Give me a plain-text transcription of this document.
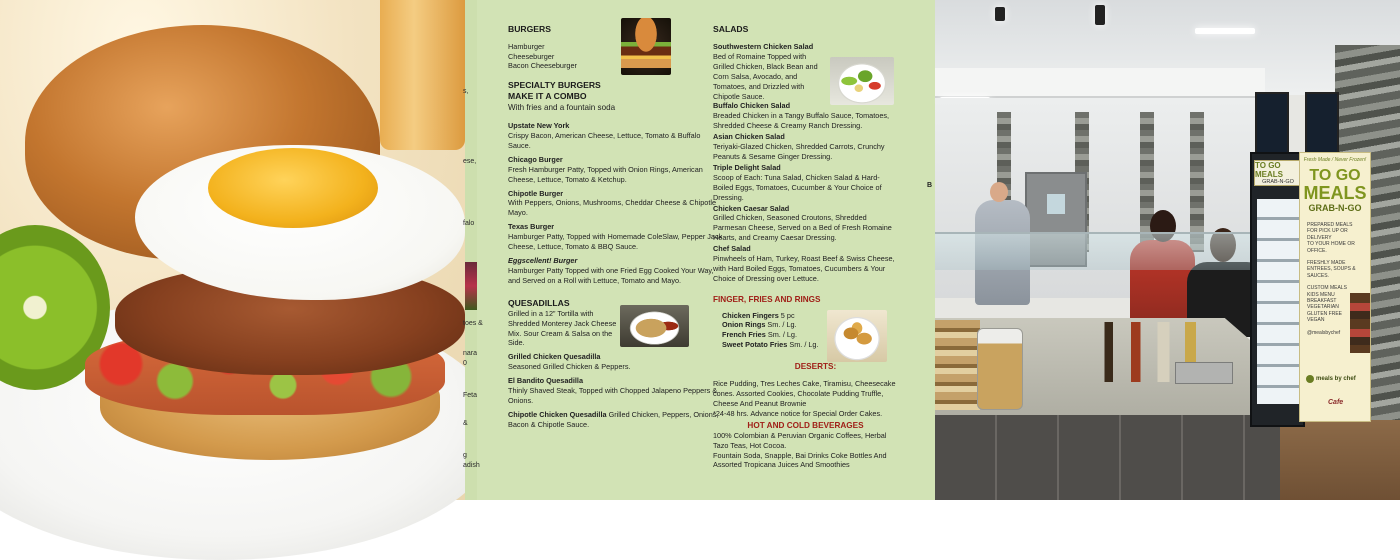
s,
ese,
falo
toes &
nara
0
Feta
&
g
adish
BURGERS
Hamburger
Cheeseburger
Bacon Cheeseburger
SPECIALTY BURGERS
MAKE IT A COMBO
With fries and a fountain soda
Upstate New York
Crispy Bacon, American Cheese, Lettuce, Tomato & Buffalo Sauce.
Chicago Burger
Fresh Hamburger Patty, Topped with Onion Rings, American Cheese, Lettuce, Tomato & Ketchup.
Chipotle Burger
With Peppers, Onions, Mushrooms, Cheddar Cheese & Chipotle Mayo.
Texas Burger
Hamburger Patty, Topped with Homemade ColeSlaw, Pepper Jack Cheese, Lettuce, Tomato & BBQ Sauce.
Eggscellent! Burger
Hamburger Patty Topped with one Fried Egg Cooked Your Way, and Served on a Roll with Lettuce, Tomato and Mayo.
QUESADILLAS
Grilled in a 12” Tortilla with Shredded Monterey Jack Cheese Mix. Sour Cream & Salsa on the Side.
Grilled Chicken Quesadilla
Seasoned Grilled Chicken & Peppers.
El Bandito Quesadilla
Thinly Shaved Steak, Topped with Chopped Jalapeno Peppers & Onions.
Chipotle Chicken Quesadilla Grilled Chicken, Peppers, Onions, Bacon & Chipotle Sauce.
SALADS
Southwestern Chicken Salad
Bed of Romaine Topped with Grilled Chicken, Black Bean and Corn Salsa, Avocado, and Tomatoes, and Drizzled with Chipotle Sauce.
Buffalo Chicken Salad
Breaded Chicken in a Tangy Buffalo Sauce, Tomatoes, Shredded Cheese & Creamy Ranch Dressing.
Asian Chicken Salad
Teriyaki-Glazed Chicken, Shredded Carrots, Crunchy Peanuts & Sesame Ginger Dressing.
Triple Delight Salad
Scoop of Each: Tuna Salad, Chicken Salad & Hard-Boiled Eggs, Tomatoes, Cucumber & Your Choice of Dressing.
Chicken Caesar Salad
Grilled Chicken, Seasoned Croutons, Shredded Parmesan Cheese, Served on a Bed of Fresh Romaine Hearts, and Creamy Caesar Dressing.
Chef Salad
Pinwheels of Ham, Turkey, Roast Beef & Swiss Cheese, with Hard Boiled Eggs, Tomatoes, Cucumbers & Your Choice of Dressing over Lettuce.
FINGER, FRIES AND RINGS
Chicken Fingers 5 pc
Onion Rings Sm. / Lg.
French Fries Sm. / Lg.
Sweet Potato Fries Sm. / Lg.
DESERTS:
Rice Pudding, Tres Leches Cake, Tiramisu, Cheesecake cones. Assorted Cookies, Chocolate Pudding Truffle, Cheese And Peanut Brownie
*24-48 hrs. Advance notice for Special Order Cakes.
HOT AND COLD BEVERAGES
100% Colombian & Peruvian Organic Coffees, Herbal Tazo Teas, Hot Cocoa.
Fountain Soda, Snapple, Bai Drinks Coke Bottles And Assorted Tropicana Juices And Smoothies
TO GO MEALS
GRAB-N-GO
Fresh Made / Never Frozen!
TO GO
MEALS
GRAB-N-GO
PREPARED MEALS
FOR PICK UP OR DELIVERY
TO YOUR HOME OR OFFICE.
FRESHLY MADE
ENTREES, SOUPS & SAUCES.
CUSTOM MEALS
KIDS MENU
BREAKFAST
VEGETARIAN
GLUTEN FREE
VEGAN
@mealsbychef
meals by chef
Cafe
B
